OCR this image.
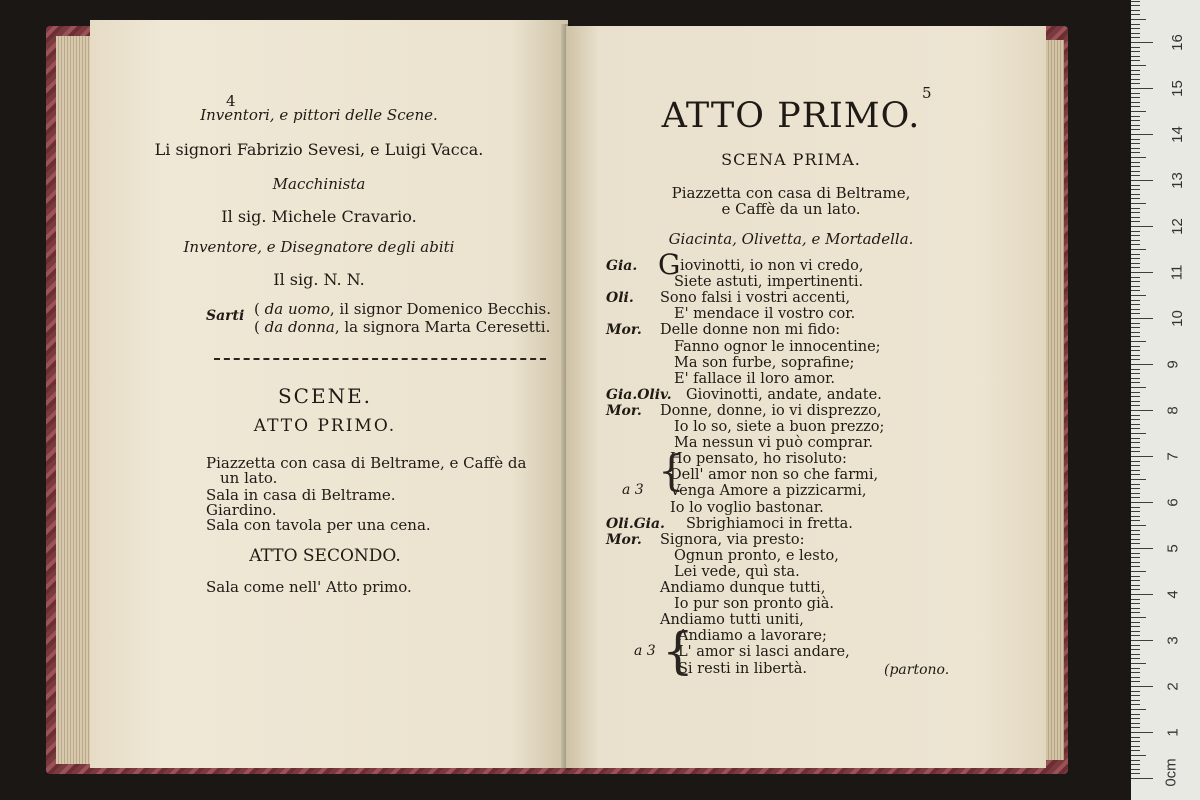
4
Inventori, e pittori delle Scene.
Li signori Fabrizio Sevesi, e Luigi Vacca.
Macchinista
Il sig. Michele Cravario.
Inventore, e Disegnatore degli abiti
Il sig. N. N.
Sarti ( da uomo, il signor Domenico Becchis.
( da donna, la signora Marta Ceresetti.
SCENE.
ATTO PRIMO.
Piazzetta con casa di Beltrame, e Caffè da
un lato.
Sala in casa di Beltrame.
Giardino.
Sala con tavola per una cena.
ATTO SECONDO.
Sala come nell' Atto primo.
5
ATTO PRIMO.
SCENA PRIMA.
Piazzetta con casa di Beltrame,
e Caffè da un lato.
Giacinta, Olivetta, e Mortadella.
Gia. G iovinotti, io non vi credo,
Siete astuti, impertinenti.
Oli. Sono falsi i vostri accenti,
E' mendace il vostro cor.
Mor. Delle donne non mi fido:
Fanno ognor le innocentine;
Ma son furbe, soprafine;
E' fallace il loro amor.
Gia.Oliv. Giovinotti, andate, andate.
Mor. Donne, donne, io vi disprezzo,
Io lo so, siete a buon prezzo;
Ma nessun vi può comprar.
Ho pensato, ho risoluto:
Dell' amor non so che farmi,
Venga Amore a pizzicarmi,
Io lo voglio bastonar.
Oli.Gia. Sbrighiamoci in fretta.
Mor. Signora, via presto:
Ognun pronto, e lesto,
Lei vede, quì sta.
Andiamo dunque tutti,
Io pur son pronto già.
Andiamo tutti uniti,
Andiamo a lavorare;
L' amor si lasci andare,
Si resti in libertà.
a 3 {
a 3 {	(partono.
0cm
1
2
3
4
5
6
7
8
9
10
11
12
13
14
15
16
